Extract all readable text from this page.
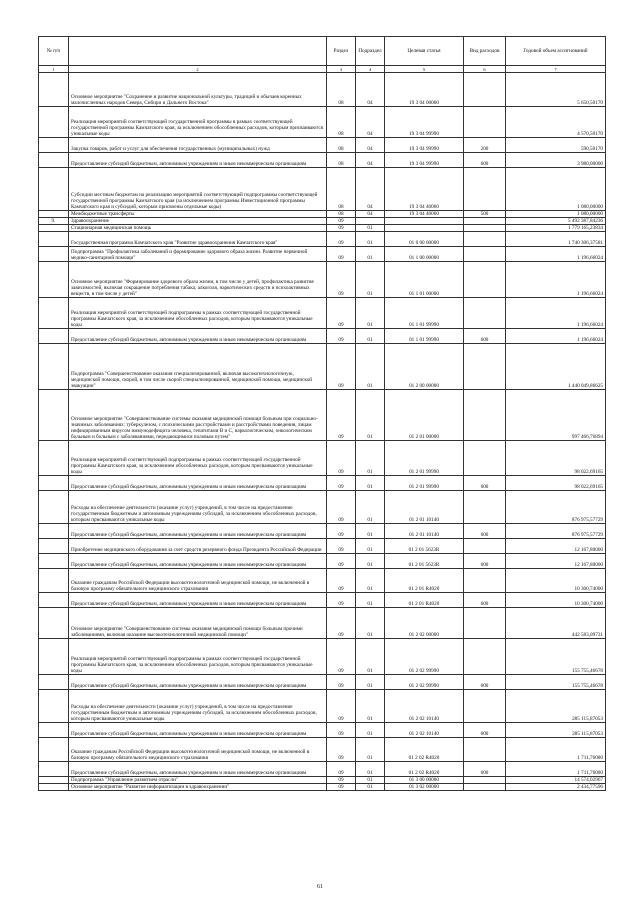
№ п/п		Раздел	Подраздел	Целевая статья	Вид расходов	Годовой объем ассигнований
1	2	3	4	5	6	7
	Основное мероприятие "Сохранение и развитие национальной культуры, традиций и обычаев коренных малочисленных народов Севера, Сибири и Дальнего Востока"	08	04	19 3 04 00000		5 650,50170
	Реализация мероприятий соответствующей государственной программы в рамках соответствующей государственной программы Камчатского края, за исключением обособленных расходов, которым присваиваются уникальные коды	08	04	19 3 04 99990		4 570,50170
	Закупка товаров, работ и услуг для обеспечения государственных (муниципальных) нужд	08	04	19 3 04 99990	200	590,50170
	Предоставление субсидий бюджетным, автономным учреждениям и иным некоммерческим организациям	08	04	19 3 04 99990	600	3 980,00000
	Субсидии местным бюджетам на реализацию мероприятий соответствующей подпрограммы соответствующей государственной программы Камчатского края (за исключением программы Инвестиционной программы Камчатского края и субсидий, которым присвоены отдельные коды)	08	04	19 3 04 40060		1 080,00000
	Межбюджетные трансферты	08	04	19 3 04 40060	500	1 080,00000
9.	Здравоохранение	09				5 492 387,84236
	Стационарная медицинская помощь	09	01			1 779 165,23834
	Государственная программа Камчатского края "Развитие здравоохранения Камчатского края"	09	01	01 0 00 00000		1 740 306,37581
	Подпрограмма "Профилактика заболеваний и формирование здорового образа жизни. Развитие первичной медико-санитарной помощи"	09	01	01 1 00 00000		1 196,66024
	Основное мероприятие "Формирование здорового образа жизни, в том числе у детей, профилактика развития зависимостей, включая сокращение потребления табака, алкоголя, наркотических средств и психоактивных веществ, в том числе у детей"	09	01	01 1 01 00000		1 196,66024
	Реализация мероприятий соответствующей подпрограммы в рамках соответствующей государственной программы Камчатского края, за исключением обособленных расходов, которым присваиваются уникальные коды	09	01	01 1 01 99990		1 196,66024
	Предоставление субсидий бюджетным, автономным учреждениям и иным некоммерческим организациям	09	01	01 1 01 99990	600	1 196,66024
	Подпрограмма "Совершенствование оказания специализированной, включая высокотехнологичную, медицинской помощи, скорой, в том числе скорой специализированной, медицинской помощи, медицинской эвакуации"	09	01	01 2 00 00000		1 440 049,86625
	Основное мероприятие "Совершенствование системы оказания медицинской помощи больным при социально-значимых заболеваниях: туберкулезом, с психическими расстройствами и расстройствами поведения, лицам инфицированным вирусом иммунодефицита человека, гепатитами В и С, наркологическим, онкологическим больным и больным с заболеваниями, передающимися половым путем"	09	01	01 2 01 00000		997 466,76894
	Реализация мероприятий соответствующей подпрограммы в рамках соответствующей государственной программы Камчатского края, за исключением обособленных расходов, которым присваиваются уникальные коды	09	01	01 2 01 99990		98 022,69165
	Предоставление субсидий бюджетным, автономным учреждениям и иным некоммерческим организациям	09	01	01 2 01 99990	600	98 022,69165
	Расходы на обеспечение деятельности (оказание услуг) учреждений, в том числе на предоставление государственным бюджетным и автономным учреждениям субсидий, за исключением обособленных расходов, которым присваиваются уникальные коды	09	01	01 2 01 10140		876 975,57729
	Предоставление субсидий бюджетным, автономным учреждениям и иным некоммерческим организациям	09	01	01 2 01 10140	600	876 975,57729
	Приобретение медицинского оборудования за счет средств резервного фонда Президента Российской Федерации	09	01	01 2 01 5623R		12 167,80000
	Предоставление субсидий бюджетным, автономным учреждениям и иным некоммерческим организациям	09	01	01 2 01 5623R	600	12 167,80000
	Оказание гражданам Российской Федерации высокотехнологичной медицинской помощи, не включенной в базовую программу обязательного медицинского страхования	09	01	01 2 01 R4020		10 300,74000
	Предоставление субсидий бюджетным, автономным учреждениям и иным некоммерческим организациям	09	01	01 2 01 R4020	600	10 300,74000
	Основное мероприятие "Совершенствование системы оказания медицинской помощи больным прочими заболеваниями, включая оказание высокотехнологичной медицинской помощи"	09	01	01 2 02 00000		442 583,09731
	Реализация мероприятий соответствующей подпрограммы в рамках соответствующей государственной программы Камчатского края, за исключением обособленных расходов, которым присваиваются уникальные коды	09	01	01 2 02 99990		155 755,46678
	Предоставление субсидий бюджетным, автономным учреждениям и иным некоммерческим организациям	09	01	01 2 02 99990	600	155 755,46678
	Расходы на обеспечение деятельности (оказание услуг) учреждений, в том числе на предоставление государственным бюджетным и автономным учреждениям субсидий, за исключением обособленных расходов, которым присваиваются уникальные коды	09	01	01 2 02 10140		285 115,87053
	Предоставление субсидий бюджетным, автономным учреждениям и иным некоммерческим организациям	09	01	01 2 02 10140	600	285 115,87053
	Оказание гражданам Российской Федерации высокотехнологичной медицинской помощи, не включенной в базовую программу обязательного медицинского страхования	09	01	01 2 02 R4020		1 711,76000
	Предоставление субсидий бюджетным, автономным учреждениям и иным некоммерческим организациям	09	01	01 2 02 R4020	600	1 711,76000
	Подпрограмма "Управление развитием отрасли"	09	01	01 3 00 00000		14 574,02967
	Основное мероприятие "Развитие информатизации в здравоохранении"	09	01	01 3 02 00000		2 434,77596
61
